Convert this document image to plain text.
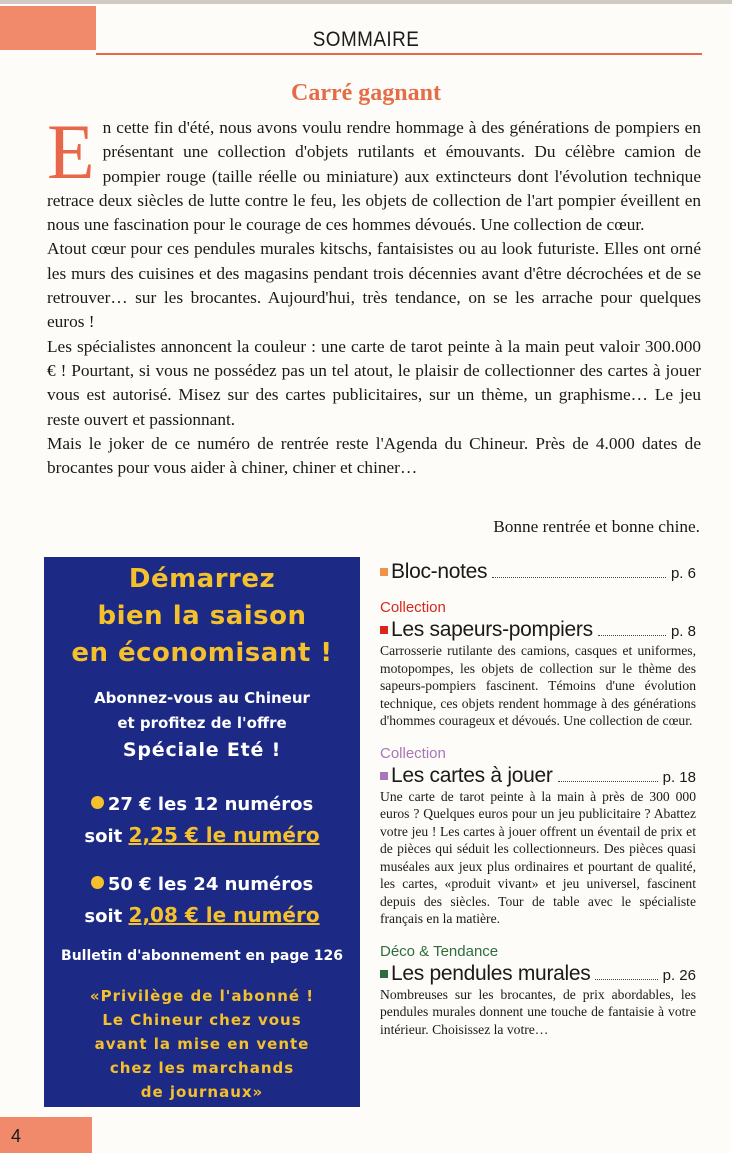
SOMMAIRE
Carré gagnant

En cette fin d'été, nous avons voulu rendre hommage à des générations de pompiers en présentant une collection d'objets rutilants et émouvants. Du célèbre camion de pompier rouge (taille réelle ou miniature) aux extincteurs dont l'évolution technique retrace deux siècles de lutte contre le feu, les objets de collection de l'art pompier éveillent en nous une fascination pour le courage de ces hommes dévoués. Une collection de cœur.

Atout cœur pour ces pendules murales kitschs, fantaisistes ou au look futuriste. Elles ont orné les murs des cuisines et des magasins pendant trois décennies avant d'être décrochées et de se retrouver… sur les brocantes. Aujourd'hui, très tendance, on se les arrache pour quelques euros !

Les spécialistes annoncent la couleur : une carte de tarot peinte à la main peut valoir 300.000 € ! Pourtant, si vous ne possédez pas un tel atout, le plaisir de collectionner des cartes à jouer vous est autorisé. Misez sur des cartes publicitaires, sur un thème, un graphisme… Le jeu reste ouvert et passionnant.

Mais le joker de ce numéro de rentrée reste l'Agenda du Chineur. Près de 4.000 dates de brocantes pour vous aider à chiner, chiner et chiner…

Bonne rentrée et bonne chine.
Démarrez
bien la saison
en économisant !
Abonnez-vous au Chineur
et profitez de l'offre
Spéciale Eté !
27 € les 12 numéros
soit 2,25 € le numéro
50 € les 24 numéros
soit 2,08 € le numéro
Bulletin d'abonnement en page 126
«Privilège de l'abonné !
Le Chineur chez vous
avant la mise en vente
chez les marchands
de journaux»
Bloc-notes	p. 6
Collection
Les sapeurs-pompiers	p. 8
Carrosserie rutilante des camions, casques et uniformes, motopompes, les objets de collection sur le thème des sapeurs-pompiers fascinent. Témoins d'une évolution technique, ces objets rendent hommage à des générations d'hommes courageux et dévoués. Une collection de cœur.
Collection
Les cartes à jouer	p. 18
Une carte de tarot peinte à la main à près de 300 000 euros ? Quelques euros pour un jeu publicitaire ? Abattez votre jeu ! Les cartes à jouer offrent un éventail de prix et de pièces qui séduit les collectionneurs. Des pièces quasi muséales aux jeux plus ordinaires et pourtant de qualité, les cartes, «produit vivant» et jeu universel, fascinent depuis des siècles. Tour de table avec le spécialiste français en la matière.
Déco & Tendance
Les pendules murales	p. 26
Nombreuses sur les brocantes, de prix abordables, les pendules murales donnent une touche de fantaisie à votre intérieur. Choisissez la votre…
4
